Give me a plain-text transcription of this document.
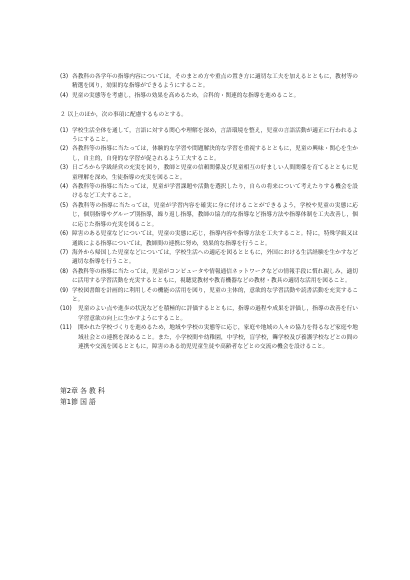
(3) 各教科の各学年の指導内容については，そのまとめ方や重点の置き方に適切な工夫を加えるとともに，教材等の精選を図り，効果的な指導ができるようにすること。
(4) 児童の実態等を考慮し，指導の効果を高めるため，合科的・関連的な指導を進めること。
２ 以上のほか，次の事項に配慮するものとする。
(1) 学校生活全体を通して，言語に対する関心や理解を深め，言語環境を整え，児童の言語活動が適正に行われるようにすること。
(2) 各教科等の指導に当たっては，体験的な学習や問題解決的な学習を重視するとともに，児童の興味・関心を生かし，自主的，自発的な学習が促されるよう工夫すること。
(3) 日ごろから学級経営の充実を図り，教師と児童の信頼関係及び児童相互の好ましい人間関係を育てるとともに児童理解を深め，生徒指導の充実を図ること。
(4) 各教科等の指導に当たっては，児童が学習課題や活動を選択したり，自らの将来について考えたりする機会を設けるなど工夫すること。
(5) 各教科等の指導に当たっては，児童が学習内容を確実に身に付けることができるよう，学校や児童の実態に応じ，個別指導やグループ別指導，繰り返し指導，教師の協力的な指導など指導方法や指導体制を工夫改善し，個に応じた指導の充実を図ること。
(6) 障害のある児童などについては，児童の実態に応じ，指導内容や指導方法を工夫すること。特に，特殊学級又は通級による指導については，教師間の連携に努め，効果的な指導を行うこと。
(7) 海外から帰国した児童などについては，学校生活への適応を図るとともに，外国における生活経験を生かすなど適切な指導を行うこと。
(8) 各教科等の指導に当たっては，児童がコンピュータや情報通信ネットワークなどの情報手段に慣れ親しみ，適切に活用する学習活動を充実するとともに，視聴覚教材や教育機器などの教材・教具の適切な活用を図ること。
(9) 学校図書館を計画的に利用しその機能の活用を図り，児童の主体的，意欲的な学習活動や読書活動を充実すること。
(10)	児童のよい点や進歩の状況などを積極的に評価するとともに，指導の過程や成果を評価し，指導の改善を行い学習意欲の向上に生かすようにすること。
(11)	開かれた学校づくりを進めるため，地域や学校の実態等に応じ，家庭や地域の人々の協力を得るなど家庭や地域社会との連携を深めること。また，小学校間や幼稚園，中学校，盲学校，聾学校及び養護学校などとの間の連携や交流を図るとともに，障害のある幼児児童生徒や高齢者などとの交流の機会を設けること。
第2章 各 教 科
第1節 国 語
